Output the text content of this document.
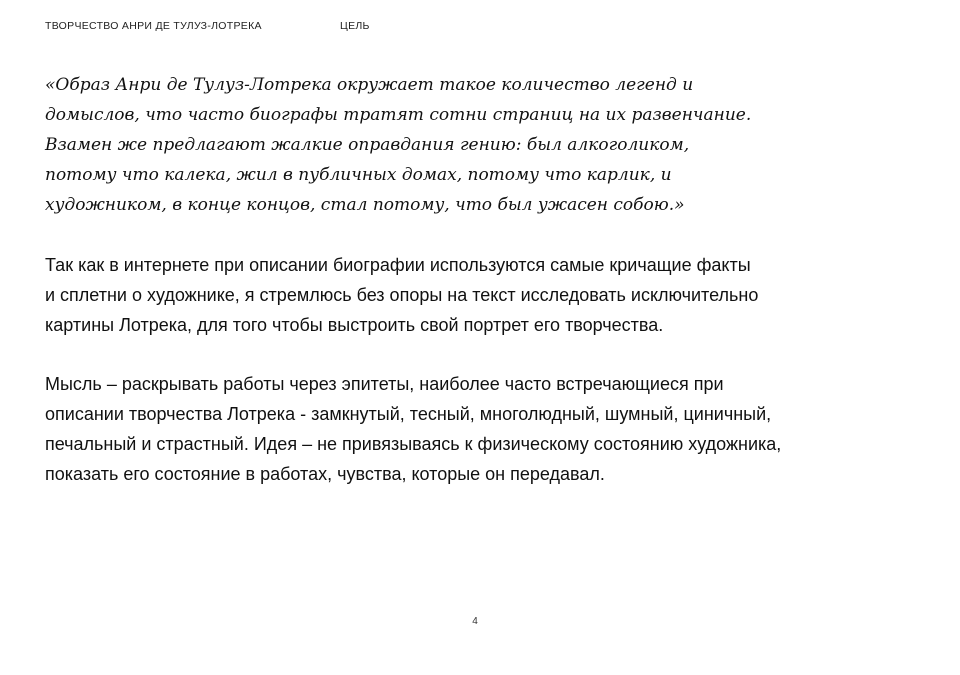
ТВОРЧЕСТВО АНРИ ДЕ ТУЛУЗ-ЛОТРЕКА	ЦЕЛЬ
«Образ Анри де Тулуз-Лотрека окружает такое количество легенд и
домыслов, что часто биографы тратят сотни страниц на их развенчание.
Взамен же предлагают жалкие оправдания гению: был алкоголиком,
потому что калека, жил в публичных домах, потому что карлик, и
художником, в конце концов, стал потому, что был ужасен собою.»
Так как в интернете при описании биографии используются самые кричащие факты
и сплетни о художнике, я стремлюсь без опоры на текст исследовать исключительно
картины Лотрека, для того чтобы выстроить свой портрет его творчества.
Мысль – раскрывать работы через эпитеты, наиболее часто встречающиеся при
описании творчества Лотрека - замкнутый, тесный, многолюдный, шумный, циничный,
печальный и страстный. Идея – не привязываясь к физическому состоянию художника,
показать его состояние в работах, чувства, которые он передавал.
4
